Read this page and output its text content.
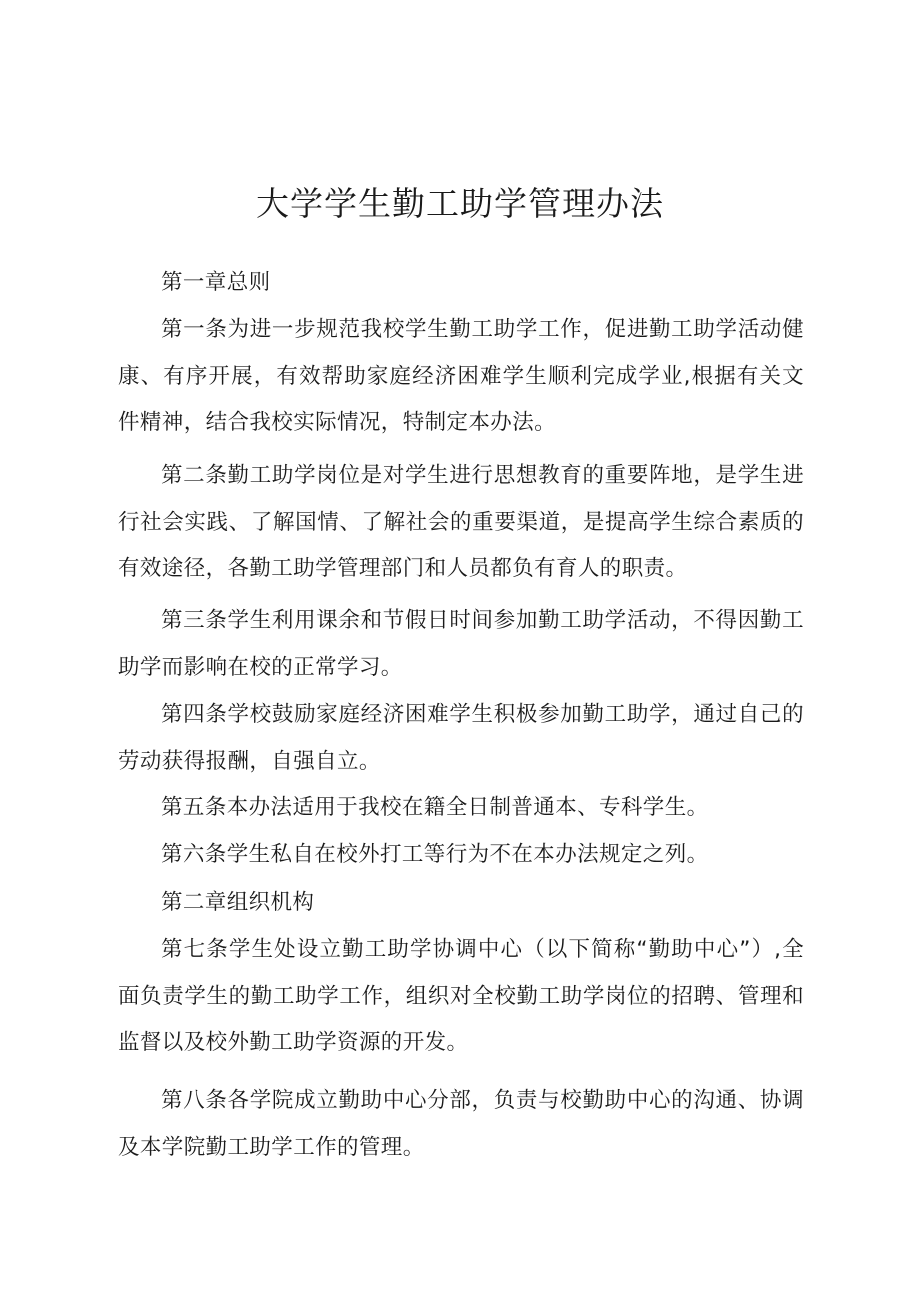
大学学生勤工助学管理办法

第一章总则

第一条为进一步规范我校学生勤工助学工作，促进勤工助学活动健康、有序开展，有效帮助家庭经济困难学生顺利完成学业,根据有关文件精神，结合我校实际情况，特制定本办法。

第二条勤工助学岗位是对学生进行思想教育的重要阵地，是学生进行社会实践、了解国情、了解社会的重要渠道，是提高学生综合素质的有效途径，各勤工助学管理部门和人员都负有育人的职责。

第三条学生利用课余和节假日时间参加勤工助学活动，不得因勤工助学而影响在校的正常学习。

第四条学校鼓励家庭经济困难学生积极参加勤工助学，通过自己的劳动获得报酬，自强自立。

第五条本办法适用于我校在籍全日制普通本、专科学生。

第六条学生私自在校外打工等行为不在本办法规定之列。

第二章组织机构

第七条学生处设立勤工助学协调中心（以下简称“勤助中心”）,全面负责学生的勤工助学工作，组织对全校勤工助学岗位的招聘、管理和监督以及校外勤工助学资源的开发。

第八条各学院成立勤助中心分部，负责与校勤助中心的沟通、协调及本学院勤工助学工作的管理。
